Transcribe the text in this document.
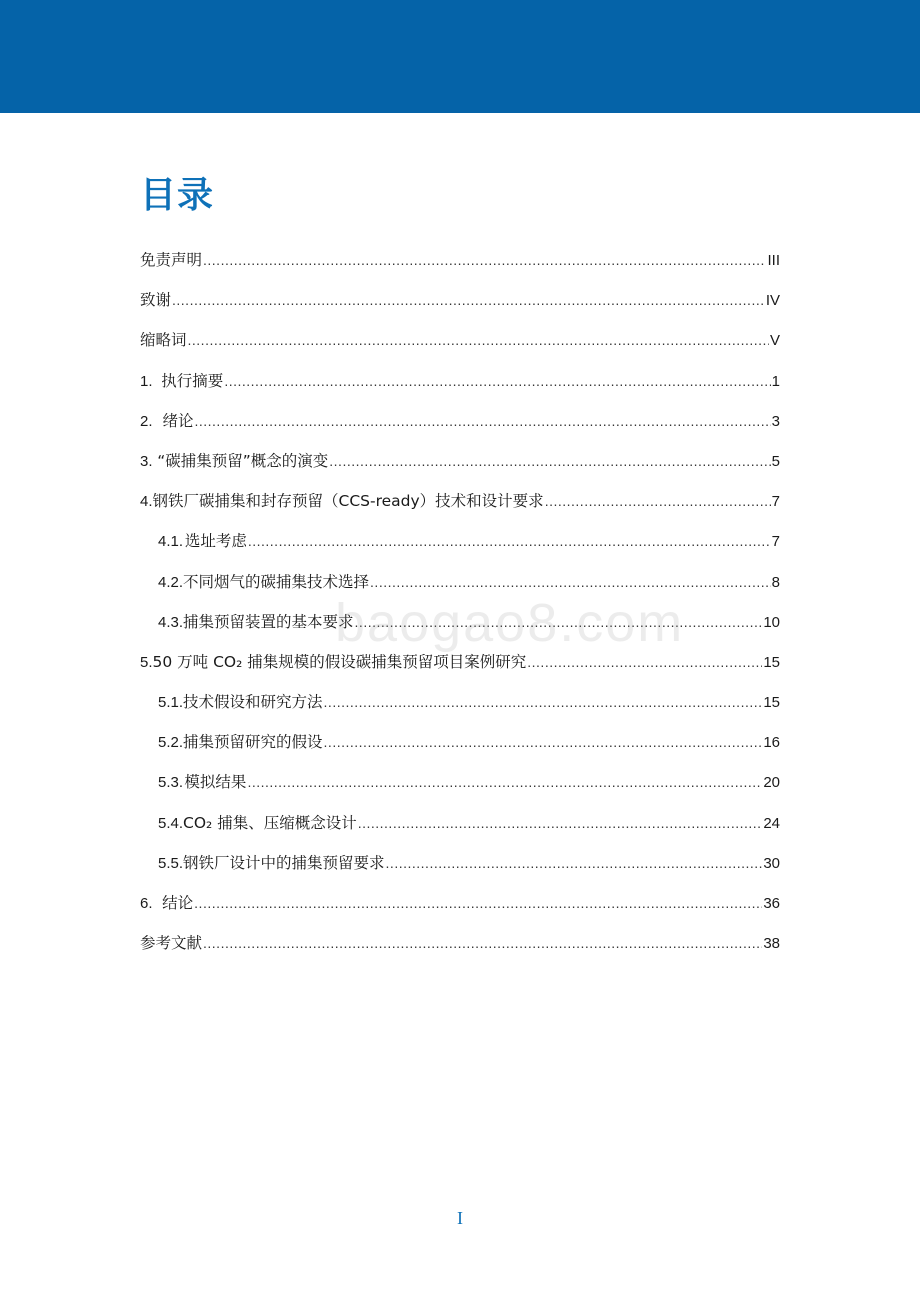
目录
免责声明 .....	III
致谢 .....	IV
缩略词 .....	V
1. 执行摘要 .....	1
2. 绪论 .....	3
3. “碳捕集预留”概念的演变 .....	5
4. 钢铁厂碳捕集和封存预留（CCS-ready）技术和设计要求 .....	7
4.1. 选址考虑 .....	7
4.2. 不同烟气的碳捕集技术选择 .....	8
4.3. 捕集预留装置的基本要求 .....	10
5. 50 万吨 CO₂ 捕集规模的假设碳捕集预留项目案例研究 .....	15
5.1. 技术假设和研究方法 .....	15
5.2. 捕集预留研究的假设 .....	16
5.3. 模拟结果 .....	20
5.4. CO₂ 捕集、压缩概念设计 .....	24
5.5. 钢铁厂设计中的捕集预留要求 .....	30
6. 结论 .....	36
参考文献 .....	38
baogao8.com
I
